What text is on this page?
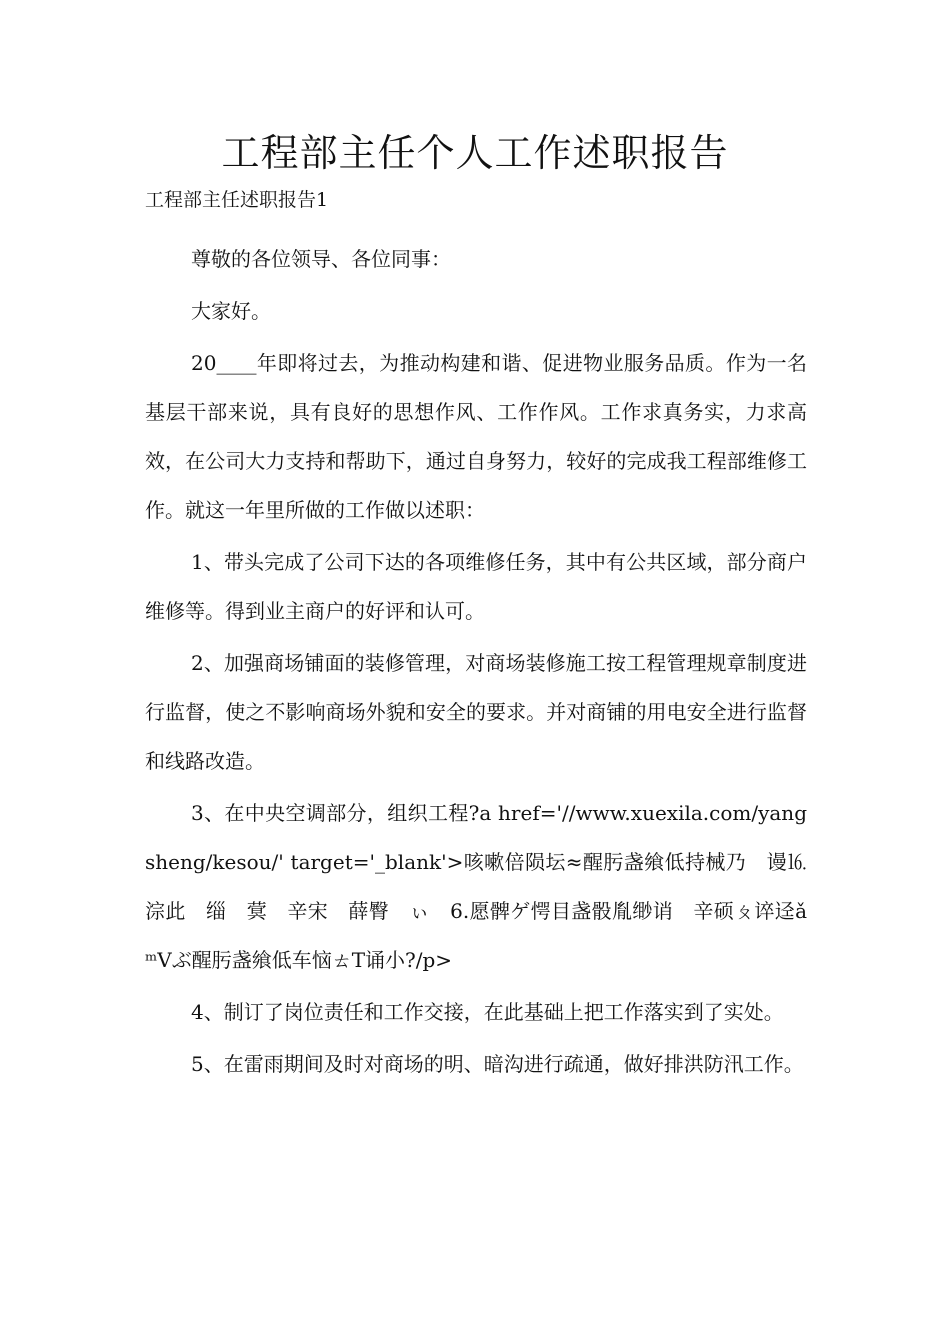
工程部主任个人工作述职报告

工程部主任述职报告1

尊敬的各位领导、各位同事：

大家好。

20____年即将过去，为推动构建和谐、促进物业服务品质。作为一名基层干部来说，具有良好的思想作风、工作作风。工作求真务实，力求高效，在公司大力支持和帮助下，通过自身努力，较好的完成我工程部维修工作。就这一年里所做的工作做以述职：

1、带头完成了公司下达的各项维修任务，其中有公共区域，部分商户维修等。得到业主商户的好评和认可。

2、加强商场铺面的装修管理，对商场装修施工按工程管理规章制度进行监督，使之不影响商场外貌和安全的要求。并对商铺的用电安全进行监督和线路改造。

3、在中央空调部分，组织工程?a href='//www.xuexila.com/yangsheng/kesou/' target='_blank'>咳嗽倍陨坛≈醒肟盏飨低持械乃　谩⒗淙此　缁　蓂　辛宋　薛臀　ぃ　6.愿髀ゲ愕目盏骰胤缈诮　辛硕ㄆ谇迳ǎᵐVぶ醒肟盏飨低车恼ㄊT诵小?/p>

4、制订了岗位责任和工作交接，在此基础上把工作落实到了实处。

5、在雷雨期间及时对商场的明、暗沟进行疏通，做好排洪防汛工作。
